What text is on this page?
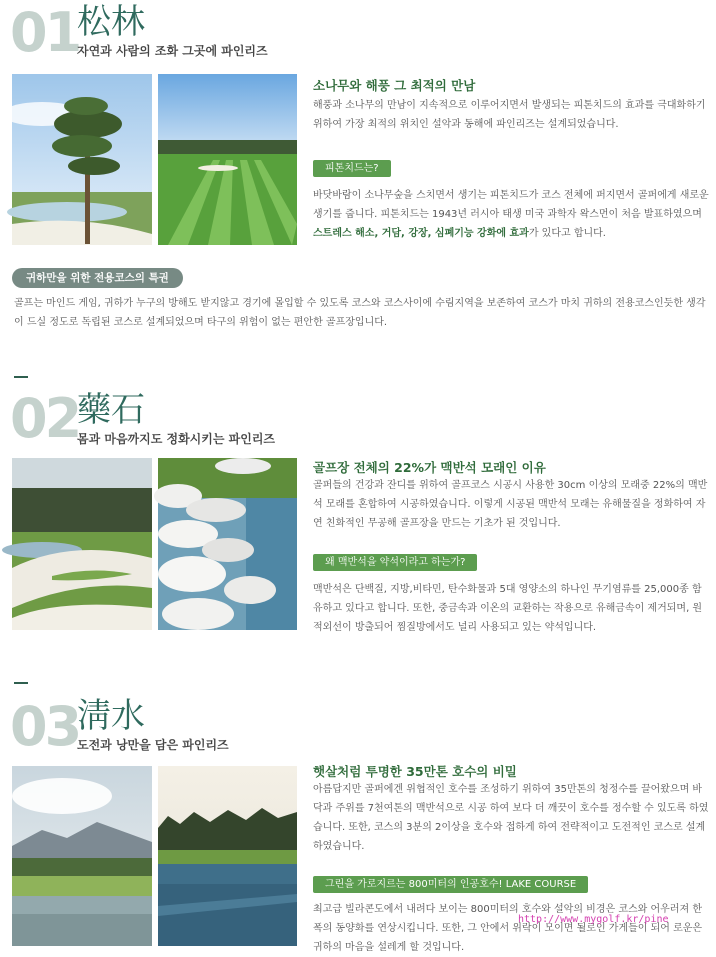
01
松林
자연과 사람의 조화 그곳에 파인리즈
소나무와 해풍 그 최적의 만남

해풍과 소나무의 만남이 지속적으로 이루어지면서 발생되는 피톤치드의 효과를 극대화하기 위하여 가장 최적의 위치인 설악과 동해에 파인리즈는 설계되었습니다.

피톤치드는?

바닷바람이 소나무숲을 스치면서 생기는 피톤치드가 코스 전체에 퍼지면서 골퍼에게 새로운 생기를 줍니다. 피톤치드는 1943년 러시아 태생 미국 과학자 왁스먼이 처음 발표하였으며 스트레스 해소, 거담, 강장, 심폐기능 강화에 효과가 있다고 합니다.

귀하만을 위한 전용코스의 특권

골프는 마인드 게임, 귀하가 누구의 방해도 받지않고 경기에 몰입할 수 있도록 코스와 코스사이에 수림지역을 보존하여 코스가 마치 귀하의 전용코스인듯한 생각이 드실 정도로 독립된 코스로 설계되었으며 타구의 위험이 없는 편안한 골프장입니다.

02
藥石
몸과 마음까지도 정화시키는 파인리즈
골프장 전체의 22%가 맥반석 모래인 이유

골퍼들의 건강과 잔디를 위하여 골프코스 시공시 사용한 30cm 이상의 모래중 22%의 맥반석 모래를 혼합하여 시공하였습니다. 이렇게 시공된 맥반석 모래는 유해물질을 정화하여 자연 친화적인 무공해 골프장을 만드는 기초가 된 것입니다.

왜 맥반석을 약석이라고 하는가?

맥반석은 단백질, 지방,비타민, 탄수화물과 5대 영양소의 하나인 무기염류를 25,000종 함유하고 있다고 합니다. 또한, 중금속과 이온의 교환하는 작용으로 유해금속이 제거되며, 원적외선이 방출되어 찜질방에서도 널리 사용되고 있는 약석입니다.

03
淸水
도전과 낭만을 담은 파인리즈
햇살처럼 투명한 35만톤 호수의 비밀

아름답지만 골퍼에겐 위협적인 호수를 조성하기 위하여 35만톤의 청정수를 끌어왔으며 바닥과 주위를 7천여톤의 맥반석으로 시공 하여 보다 더 깨끗이 호수를 정수할 수 있도록 하였습니다. 또한, 코스의 3분의 2이상을 호수와 접하게 하여 전략적이고 도전적인 코스로 설계하였습니다.

그린을 가로지르는 800미터의 인공호수! LAKE COURSE

최고급 빌라콘도에서 내려다 보이는 800미터의 호수와 설악의 비경은 코스와 어우러져 한폭의 동양화를 연상시킵니다. 또한, 그 안에서 위락이 모이면 될로인 가게들이 되어 로운은 귀하의 마음을 설레게 할 것입니다.

http://www.mygolf.kr/pine
